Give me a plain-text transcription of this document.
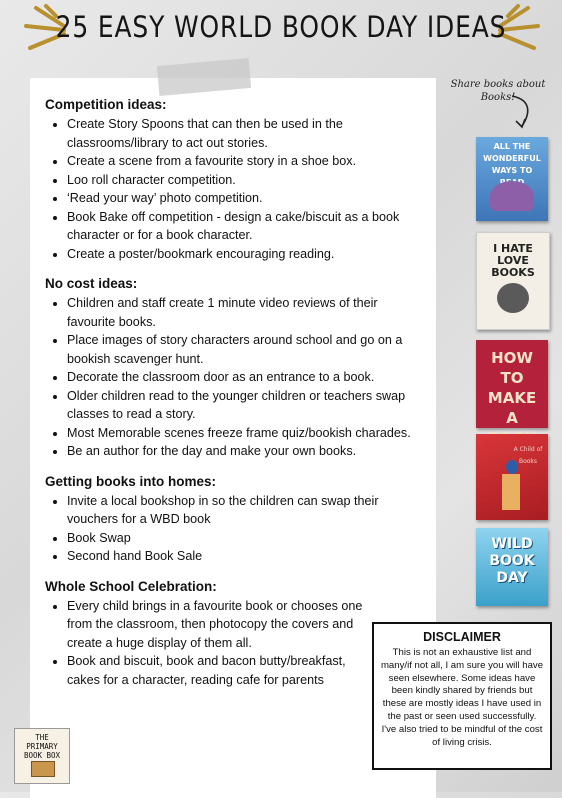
25 EASY WORLD BOOK DAY IDEAS
Competition ideas:
• Create Story Spoons that can then be used in the classrooms/library to act out stories.
• Create a scene from a favourite story in a shoe box.
• Loo roll character competition.
• ‘Read your way’ photo competition.
• Book Bake off competition - design a cake/biscuit as a book character or for a book character.
• Create a poster/bookmark encouraging reading.
No cost ideas:
• Children and staff create 1 minute video reviews of their favourite books.
• Place images of story characters around school and go on a bookish scavenger hunt.
• Decorate the classroom door as an entrance to a book.
• Older children read to the younger children or teachers swap classes to read a story.
• Most Memorable scenes freeze frame quiz/bookish charades.
• Be an author for the day and make your own books.
Getting books into homes:
• Invite a local bookshop in so the children can swap their vouchers for a WBD book
• Book Swap
• Second hand Book Sale
Whole School Celebration:
• Every child brings in a favourite book or chooses one from the classroom, then photocopy the covers and create a huge display of them all.
• Book and biscuit, book and bacon butty/breakfast, cakes for a character, reading cafe for parents
Share books about Books!
ALL THE WONDERFUL WAYS TO
I HATE LOVE BOOKS
HOW TO MAKE A
A Child of Books
WILD BOOK DAY
DISCLAIMER

This is not an exhaustive list and many/if not all, I am sure you will have seen elsewhere. Some ideas have been kindly shared by friends but these are mostly ideas I have used in the past or seen used successfully. I've also tried to be mindful of the cost of living crisis.

THE PRIMARY BOOK BOX
